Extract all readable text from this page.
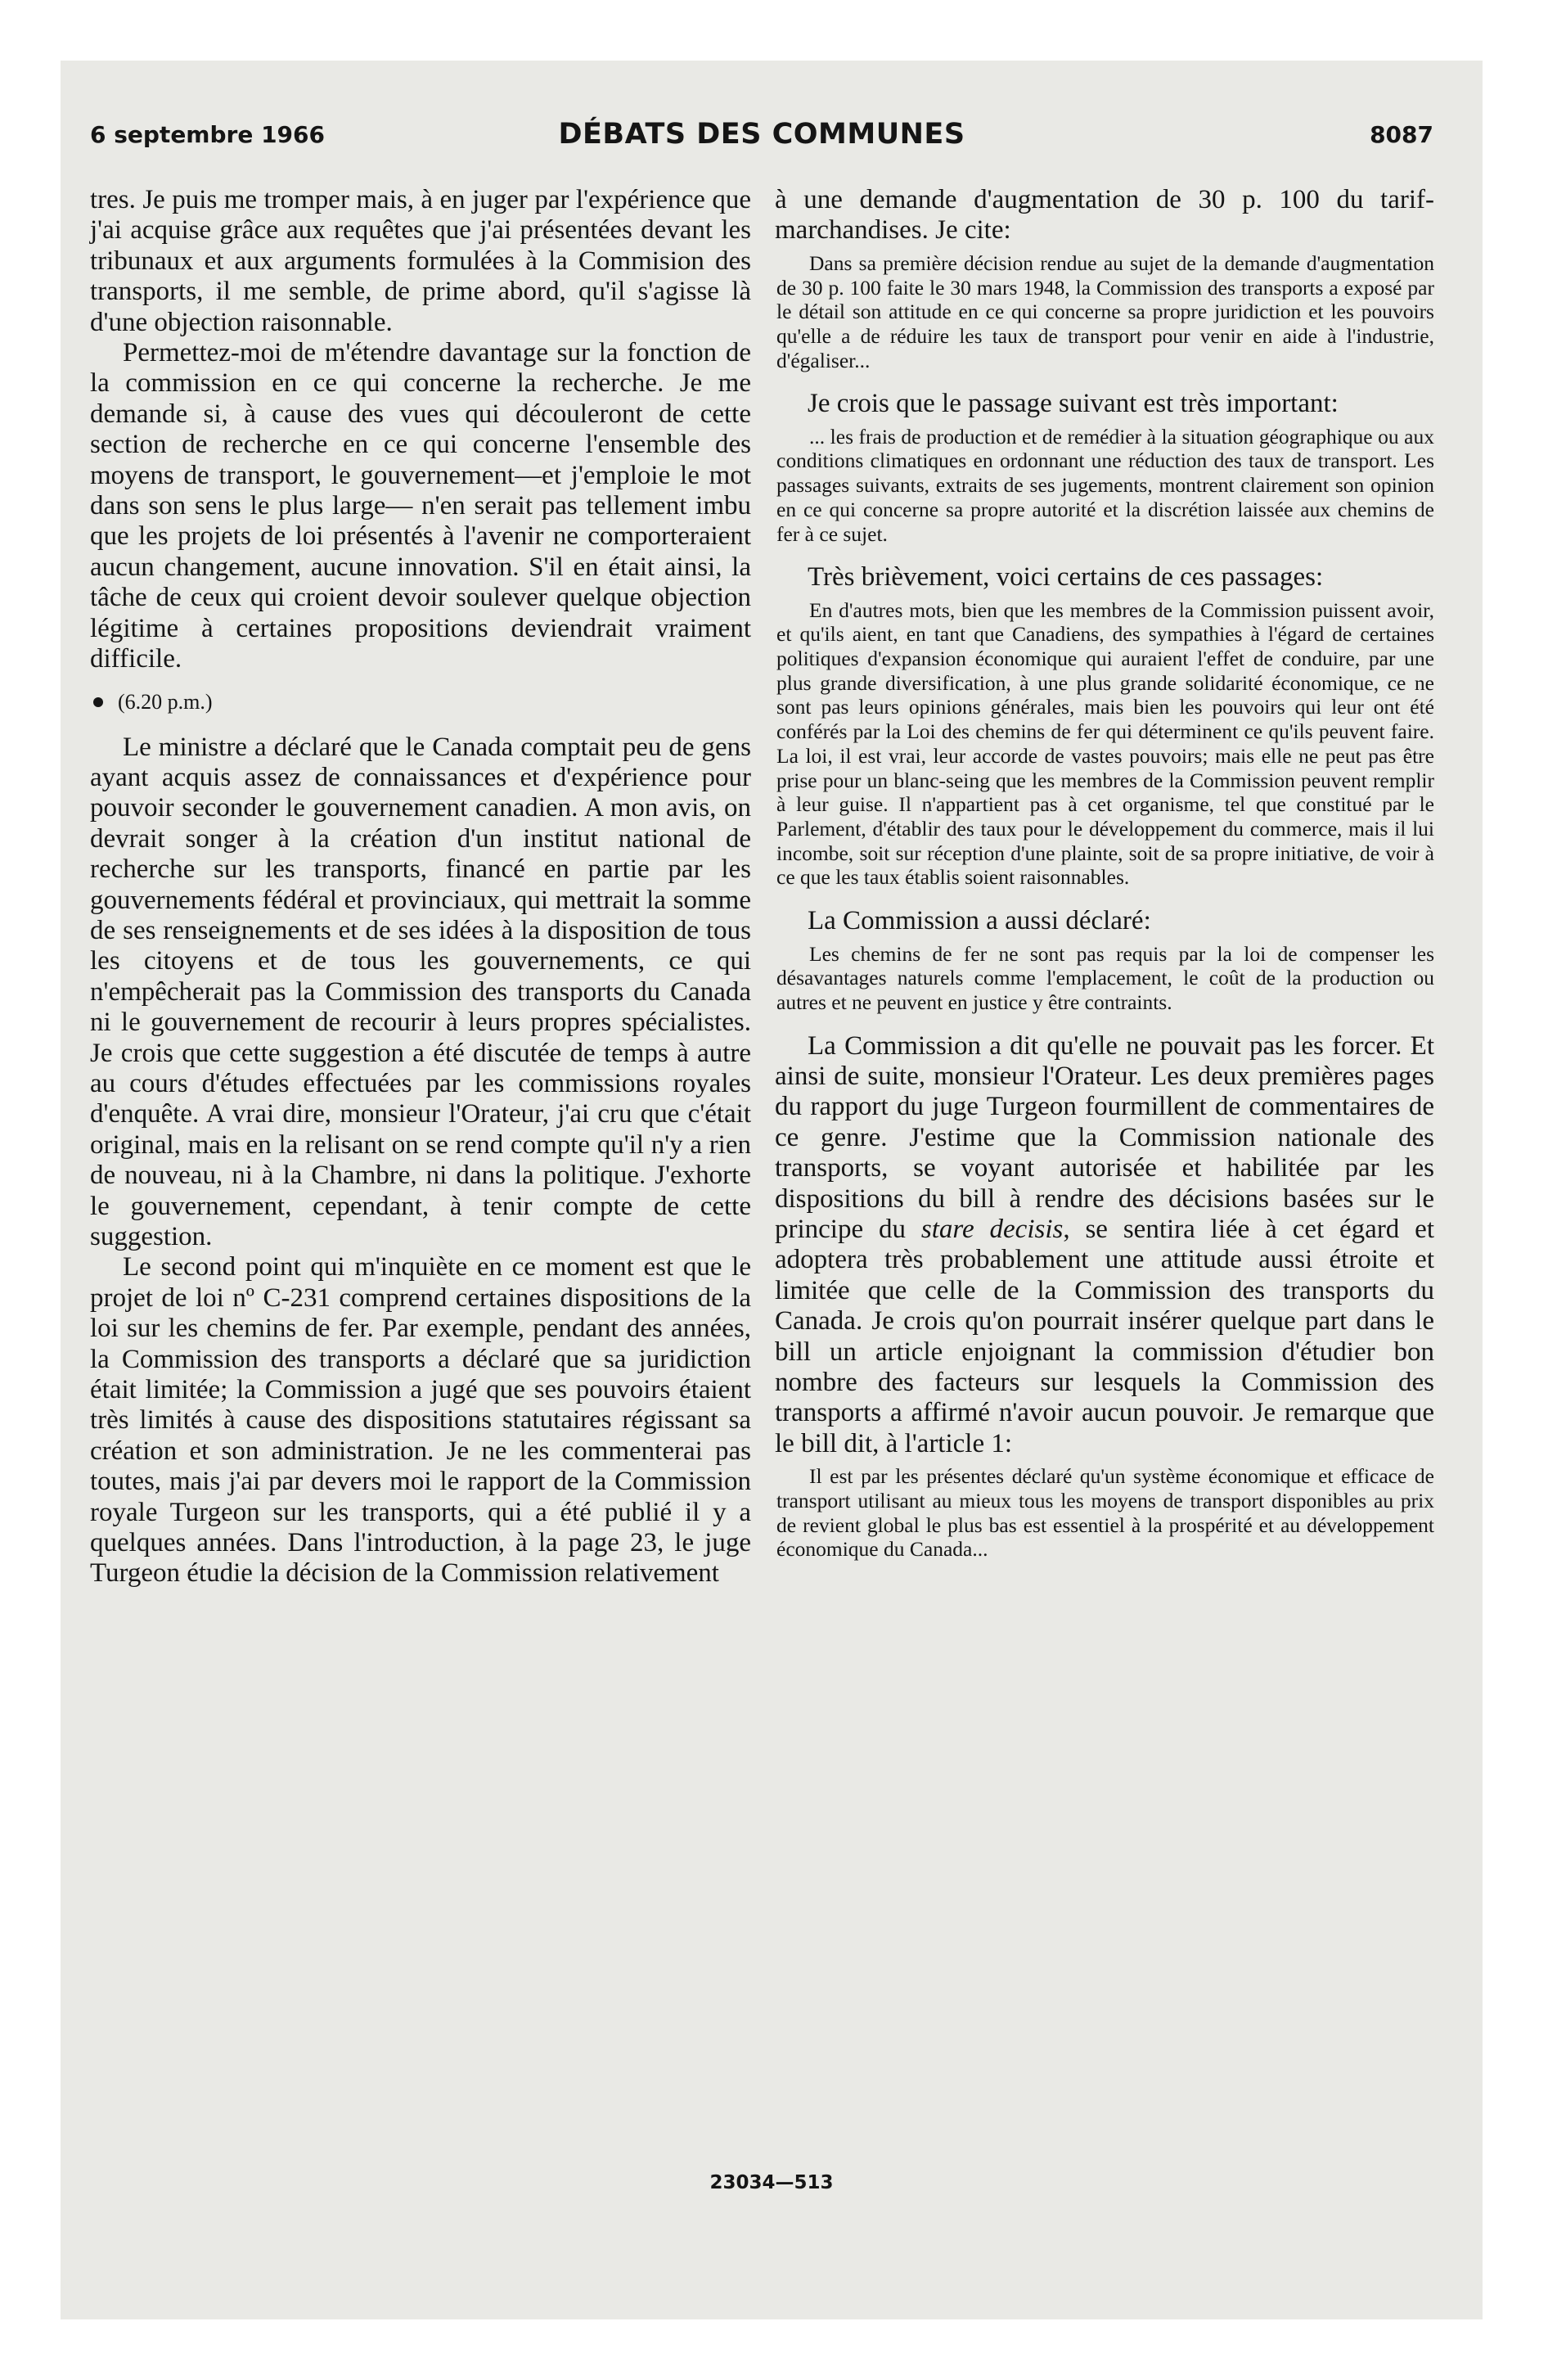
6 septembre 1966	DÉBATS DES COMMUNES	8087

tres. Je puis me tromper mais, à en juger par l'expérience que j'ai acquise grâce aux requêtes que j'ai présentées devant les tribunaux et aux arguments formulées à la Commision des transports, il me semble, de prime abord, qu'il s'agisse là d'une objection raisonnable.

Permettez-moi de m'étendre davantage sur la fonction de la commission en ce qui concerne la recherche. Je me demande si, à cause des vues qui découleront de cette section de recherche en ce qui concerne l'ensemble des moyens de transport, le gouvernement—et j'emploie le mot dans son sens le plus large— n'en serait pas tellement imbu que les projets de loi présentés à l'avenir ne comporteraient aucun changement, aucune innovation. S'il en était ainsi, la tâche de ceux qui croient devoir soulever quelque objection légitime à certaines propositions deviendrait vraiment difficile.

(6.20 p.m.)

Le ministre a déclaré que le Canada comptait peu de gens ayant acquis assez de connaissances et d'expérience pour pouvoir seconder le gouvernement canadien. A mon avis, on devrait songer à la création d'un institut national de recherche sur les transports, financé en partie par les gouvernements fédéral et provinciaux, qui mettrait la somme de ses renseignements et de ses idées à la disposition de tous les citoyens et de tous les gouvernements, ce qui n'empêcherait pas la Commission des transports du Canada ni le gouvernement de recourir à leurs propres spécialistes. Je crois que cette suggestion a été discutée de temps à autre au cours d'études effectuées par les commissions royales d'enquête. A vrai dire, monsieur l'Orateur, j'ai cru que c'était original, mais en la relisant on se rend compte qu'il n'y a rien de nouveau, ni à la Chambre, ni dans la politique. J'exhorte le gouvernement, cependant, à tenir compte de cette suggestion.

Le second point qui m'inquiète en ce moment est que le projet de loi nº C-231 comprend certaines dispositions de la loi sur les chemins de fer. Par exemple, pendant des années, la Commission des transports a déclaré que sa juridiction était limitée; la Commission a jugé que ses pouvoirs étaient très limités à cause des dispositions statutaires régissant sa création et son administration. Je ne les commenterai pas toutes, mais j'ai par devers moi le rapport de la Commission royale Turgeon sur les transports, qui a été publié il y a quelques années. Dans l'introduction, à la page 23, le juge Turgeon étudie la décision de la Commission relativement

à une demande d'augmentation de 30 p. 100 du tarif-marchandises. Je cite:

Dans sa première décision rendue au sujet de la demande d'augmentation de 30 p. 100 faite le 30 mars 1948, la Commission des transports a exposé par le détail son attitude en ce qui concerne sa propre juridiction et les pouvoirs qu'elle a de réduire les taux de transport pour venir en aide à l'industrie, d'égaliser...

Je crois que le passage suivant est très important:

... les frais de production et de remédier à la situation géographique ou aux conditions climatiques en ordonnant une réduction des taux de transport. Les passages suivants, extraits de ses jugements, montrent clairement son opinion en ce qui concerne sa propre autorité et la discrétion laissée aux chemins de fer à ce sujet.

Très brièvement, voici certains de ces passages:

En d'autres mots, bien que les membres de la Commission puissent avoir, et qu'ils aient, en tant que Canadiens, des sympathies à l'égard de certaines politiques d'expansion économique qui auraient l'effet de conduire, par une plus grande diversification, à une plus grande solidarité économique, ce ne sont pas leurs opinions générales, mais bien les pouvoirs qui leur ont été conférés par la Loi des chemins de fer qui déterminent ce qu'ils peuvent faire. La loi, il est vrai, leur accorde de vastes pouvoirs; mais elle ne peut pas être prise pour un blanc-seing que les membres de la Commission peuvent remplir à leur guise. Il n'appartient pas à cet organisme, tel que constitué par le Parlement, d'établir des taux pour le développement du commerce, mais il lui incombe, soit sur réception d'une plainte, soit de sa propre initiative, de voir à ce que les taux établis soient raisonnables.

La Commission a aussi déclaré:

Les chemins de fer ne sont pas requis par la loi de compenser les désavantages naturels comme l'emplacement, le coût de la production ou autres et ne peuvent en justice y être contraints.

La Commission a dit qu'elle ne pouvait pas les forcer. Et ainsi de suite, monsieur l'Orateur. Les deux premières pages du rapport du juge Turgeon fourmillent de commentaires de ce genre. J'estime que la Commission nationale des transports, se voyant autorisée et habilitée par les dispositions du bill à rendre des décisions basées sur le principe du stare decisis, se sentira liée à cet égard et adoptera très probablement une attitude aussi étroite et limitée que celle de la Commission des transports du Canada. Je crois qu'on pourrait insérer quelque part dans le bill un article enjoignant la commission d'étudier bon nombre des facteurs sur lesquels la Commission des transports a affirmé n'avoir aucun pouvoir. Je remarque que le bill dit, à l'article 1:

Il est par les présentes déclaré qu'un système économique et efficace de transport utilisant au mieux tous les moyens de transport disponibles au prix de revient global le plus bas est essentiel à la prospérité et au développement économique du Canada...

23034—513
